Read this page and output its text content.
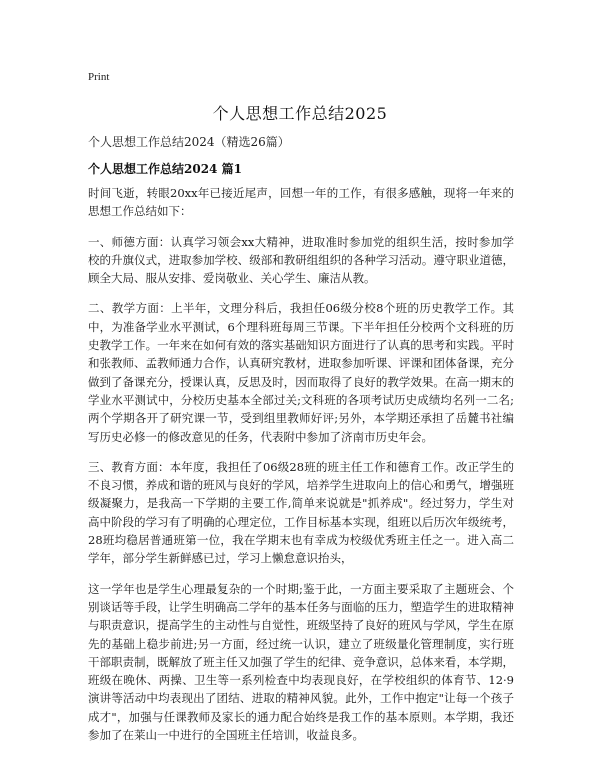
Print
个人思想工作总结2025
个人思想工作总结2024（精选26篇）
个人思想工作总结2024 篇1

时间飞逝，转眼20xx年已接近尾声，回想一年的工作，有很多感触，现将一年来的思想工作总结如下：

一、师德方面：认真学习领会xx大精神，进取准时参加党的组织生活，按时参加学校的升旗仪式，进取参加学校、级部和教研组组织的各种学习活动。遵守职业道德，顾全大局、服从安排、爱岗敬业、关心学生、廉洁从教。

二、教学方面：上半年，文理分科后，我担任06级分校8个班的历史教学工作。其中，为准备学业水平测试，6个理科班每周三节课。下半年担任分校两个文科班的历史教学工作。一年来在如何有效的落实基础知识方面进行了认真的思考和实践。平时和张教师、孟教师通力合作，认真研究教材，进取参加听课、评课和团体备课，充分做到了备课充分，授课认真，反思及时，因而取得了良好的教学效果。在高一期末的学业水平测试中，分校历史基本全部过关;文科班的各项考试历史成绩均名列一二名;两个学期各开了研究课一节，受到组里教师好评;另外，本学期还承担了岳麓书社编写历史必修一的修改意见的任务，代表附中参加了济南市历史年会。

三、教育方面：本年度，我担任了06级28班的班主任工作和德育工作。改正学生的不良习惯，养成和谐的班风与良好的学风，培养学生进取向上的信心和勇气，增强班级凝聚力，是我高一下学期的主要工作,简单来说就是"抓养成"。经过努力，学生对高中阶段的学习有了明确的心理定位，工作目标基本实现，组班以后历次年级统考，28班均稳居普通班第一位，我在学期末也有幸成为校级优秀班主任之一。进入高二学年，部分学生新鲜感已过，学习上懒怠意识抬头，

这一学年也是学生心理最复杂的一个时期;鉴于此，一方面主要采取了主题班会、个别谈话等手段，让学生明确高二学年的基本任务与面临的压力，塑造学生的进取精神与职责意识，提高学生的主动性与自觉性，班级坚持了良好的班风与学风，学生在原先的基础上稳步前进;另一方面，经过统一认识，建立了班级量化管理制度，实行班干部职责制，既解放了班主任又加强了学生的纪律、竞争意识，总体来看，本学期，班级在晚休、两操、卫生等一系列检查中均表现良好，在学校组织的体育节、12·9演讲等活动中均表现出了团结、进取的精神风貌。此外，工作中抱定"让每一个孩子成才"，加强与任课教师及家长的通力配合始终是我工作的基本原则。本学期，我还参加了在莱山一中进行的全国班主任培训，收益良多。
